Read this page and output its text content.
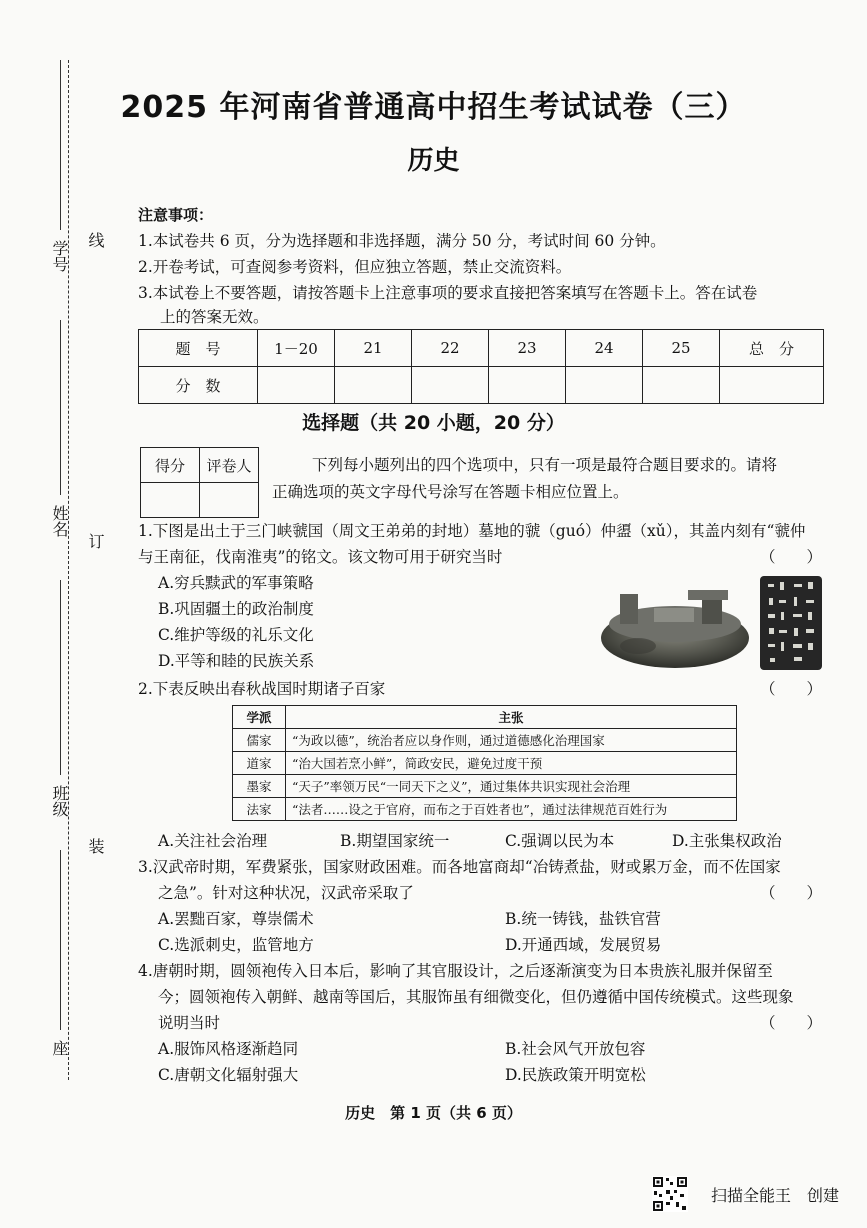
学号 线
姓名
订
班级
装
座
2025 年河南省普通高中招生考试试卷（三）
历史
注意事项：
1.本试卷共 6 页，分为选择题和非选择题，满分 50 分，考试时间 60 分钟。
2.开卷考试，可查阅参考资料，但应独立答题，禁止交流资料。
3.本试卷上不要答题，请按答题卡上注意事项的要求直接把答案填写在答题卡上。答在试卷
上的答案无效。
题　号	1－20	21	22	23	24	25	总　分
分　数							
选择题（共 20 小题，20 分）
得分	评卷人
		下列每小题列出的四个选项中，只有一项是最符合题目要求的。请将
正确选项的英文字母代号涂写在答题卡相应位置上。
1.下图是出土于三门峡虢国（周文王弟弟的封地）墓地的虢（guó）仲盨（xǔ），其盖内刻有“虢仲
与王南征，伐南淮夷”的铭文。该文物可用于研究当时	（　　）
A.穷兵黩武的军事策略
B.巩固疆土的政治制度
C.维护等级的礼乐文化
D.平等和睦的民族关系
2.下表反映出春秋战国时期诸子百家	（　　）
学派	主张
儒家	“为政以德”，统治者应以身作则，通过道德感化治理国家
道家	“治大国若烹小鲜”，简政安民，避免过度干预
墨家	“天子”率领万民“一同天下之义”，通过集体共识实现社会治理
法家	“法者……设之于官府，而布之于百姓者也”，通过法律规范百姓行为
A.关注社会治理	B.期望国家统一	C.强调以民为本	D.主张集权政治
3.汉武帝时期，军费紧张，国家财政困难。而各地富商却“冶铸煮盐，财或累万金，而不佐国家
之急”。针对这种状况，汉武帝采取了	（　　）
A.罢黜百家，尊崇儒术	B.统一铸钱，盐铁官营
C.选派刺史，监管地方	D.开通西域，发展贸易
4.唐朝时期，圆领袍传入日本后，影响了其官服设计，之后逐渐演变为日本贵族礼服并保留至
今；圆领袍传入朝鲜、越南等国后，其服饰虽有细微变化，但仍遵循中国传统模式。这些现象
说明当时	（　　）
A.服饰风格逐渐趋同	B.社会风气开放包容
C.唐朝文化辐射强大	D.民族政策开明宽松
历史　第 1 页（共 6 页）
扫描全能王　创建
